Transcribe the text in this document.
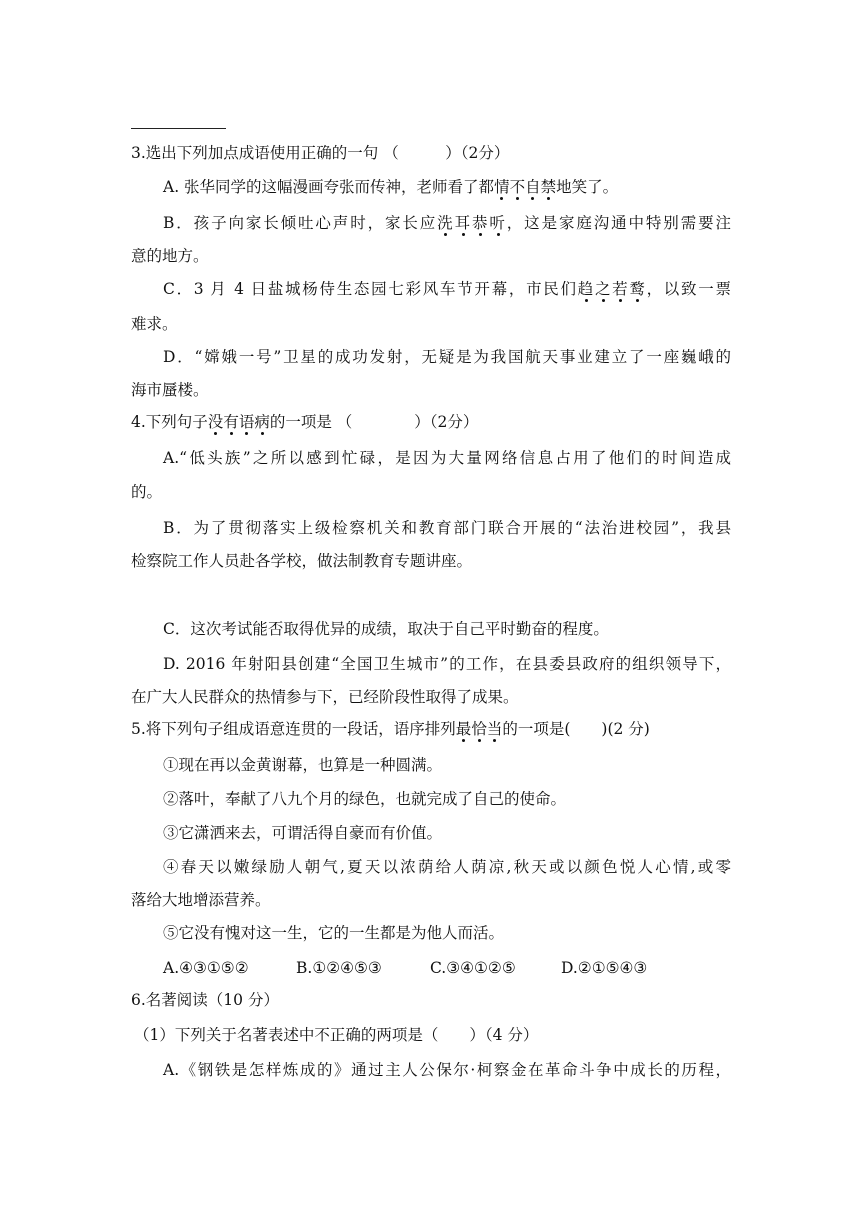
3.选出下列加点成语使用正确的一句 （　　　）（2分）
A. 张华同学的这幅漫画夸张而传神，老师看了都情不自禁地笑了。
B．孩子向家长倾吐心声时，家长应洗耳恭听，这是家庭沟通中特别需要注
意的地方。
C．3 月 4 日盐城杨侍生态园七彩风车节开幕，市民们趋之若鹜，以致一票
难求。
D．“嫦娥一号”卫星的成功发射，无疑是为我国航天事业建立了一座巍峨的
海市蜃楼。
4.下列句子没有语病的一项是 （　　　　）（2分）
A.“低头族”之所以感到忙碌，是因为大量网络信息占用了他们的时间造成
的。
B．为了贯彻落实上级检察机关和教育部门联合开展的“法治进校园”，我县
检察院工作人员赴各学校，做法制教育专题讲座。
C．这次考试能否取得优异的成绩，取决于自己平时勤奋的程度。
D. 2016 年射阳县创建“全国卫生城市”的工作，在县委县政府的组织领导下，
在广大人民群众的热情参与下，已经阶段性取得了成果。
5.将下列句子组成语意连贯的一段话，语序排列最恰当的一项是(　　)(2 分)
①现在再以金黄谢幕，也算是一种圆满。
②落叶，奉献了八九个月的绿色，也就完成了自己的使命。
③它潇洒来去，可谓活得自豪而有价值。
④春天以嫩绿励人朝气,夏天以浓荫给人荫凉,秋天或以颜色悦人心情,或零
落给大地增添营养。
⑤它没有愧对这一生，它的一生都是为他人而活。
A.④③①⑤②	B.①②④⑤③	C.③④①②⑤	D.②①⑤④③
6.名著阅读（10 分）
（1）下列关于名著表述中不正确的两项是（　　）（4 分）
A.《钢铁是怎样炼成的》通过主人公保尔·柯察金在革命斗争中成长的历程，
